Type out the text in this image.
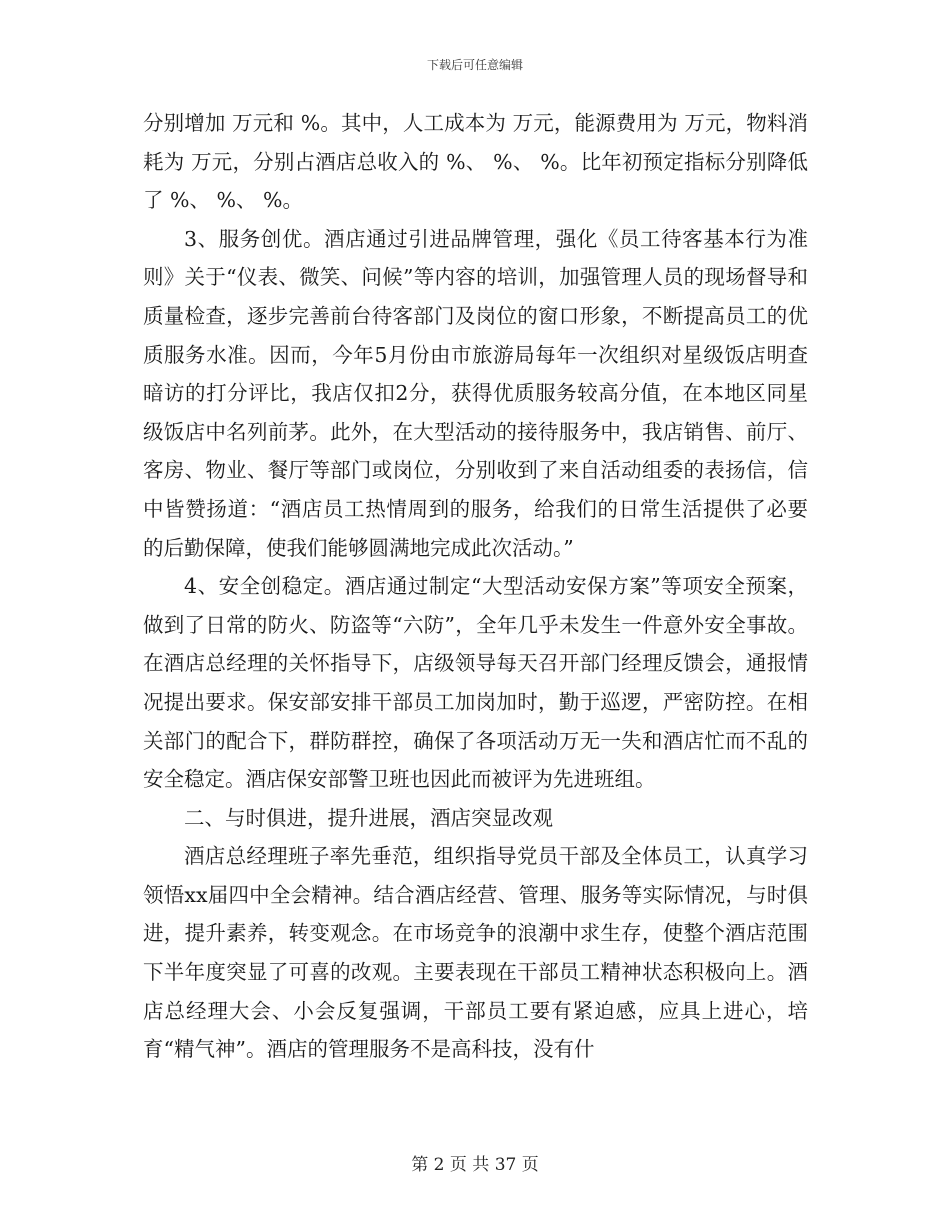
下载后可任意编辑

分别增加 万元和 %。其中，人工成本为 万元，能源费用为 万元，物料消耗为 万元，分别占酒店总收入的 %、 %、 %。比年初预定指标分别降低了 %、 %、 %。

3、服务创优。酒店通过引进品牌管理，强化《员工待客基本行为准则》关于“仪表、微笑、问候”等内容的培训，加强管理人员的现场督导和质量检查，逐步完善前台待客部门及岗位的窗口形象，不断提高员工的优质服务水准。因而，今年5月份由市旅游局每年一次组织对星级饭店明查暗访的打分评比，我店仅扣2分，获得优质服务较高分值，在本地区同星级饭店中名列前茅。此外，在大型活动的接待服务中，我店销售、前厅、客房、物业、餐厅等部门或岗位，分别收到了来自活动组委的表扬信，信中皆赞扬道：“酒店员工热情周到的服务，给我们的日常生活提供了必要的后勤保障，使我们能够圆满地完成此次活动。”

4、安全创稳定。酒店通过制定“大型活动安保方案”等项安全预案，做到了日常的防火、防盗等“六防”，全年几乎未发生一件意外安全事故。在酒店总经理的关怀指导下，店级领导每天召开部门经理反馈会，通报情况提出要求。保安部安排干部员工加岗加时，勤于巡逻，严密防控。在相关部门的配合下，群防群控，确保了各项活动万无一失和酒店忙而不乱的安全稳定。酒店保安部警卫班也因此而被评为先进班组。

二、与时俱进，提升进展，酒店突显改观

酒店总经理班子率先垂范，组织指导党员干部及全体员工，认真学习领悟xx届四中全会精神。结合酒店经营、管理、服务等实际情况，与时俱进，提升素养，转变观念。在市场竞争的浪潮中求生存，使整个酒店范围下半年度突显了可喜的改观。主要表现在干部员工精神状态积极向上。酒店总经理大会、小会反复强调，干部员工要有紧迫感，应具上进心，培育“精气神”。酒店的管理服务不是高科技，没有什

第 2 页 共 37 页
